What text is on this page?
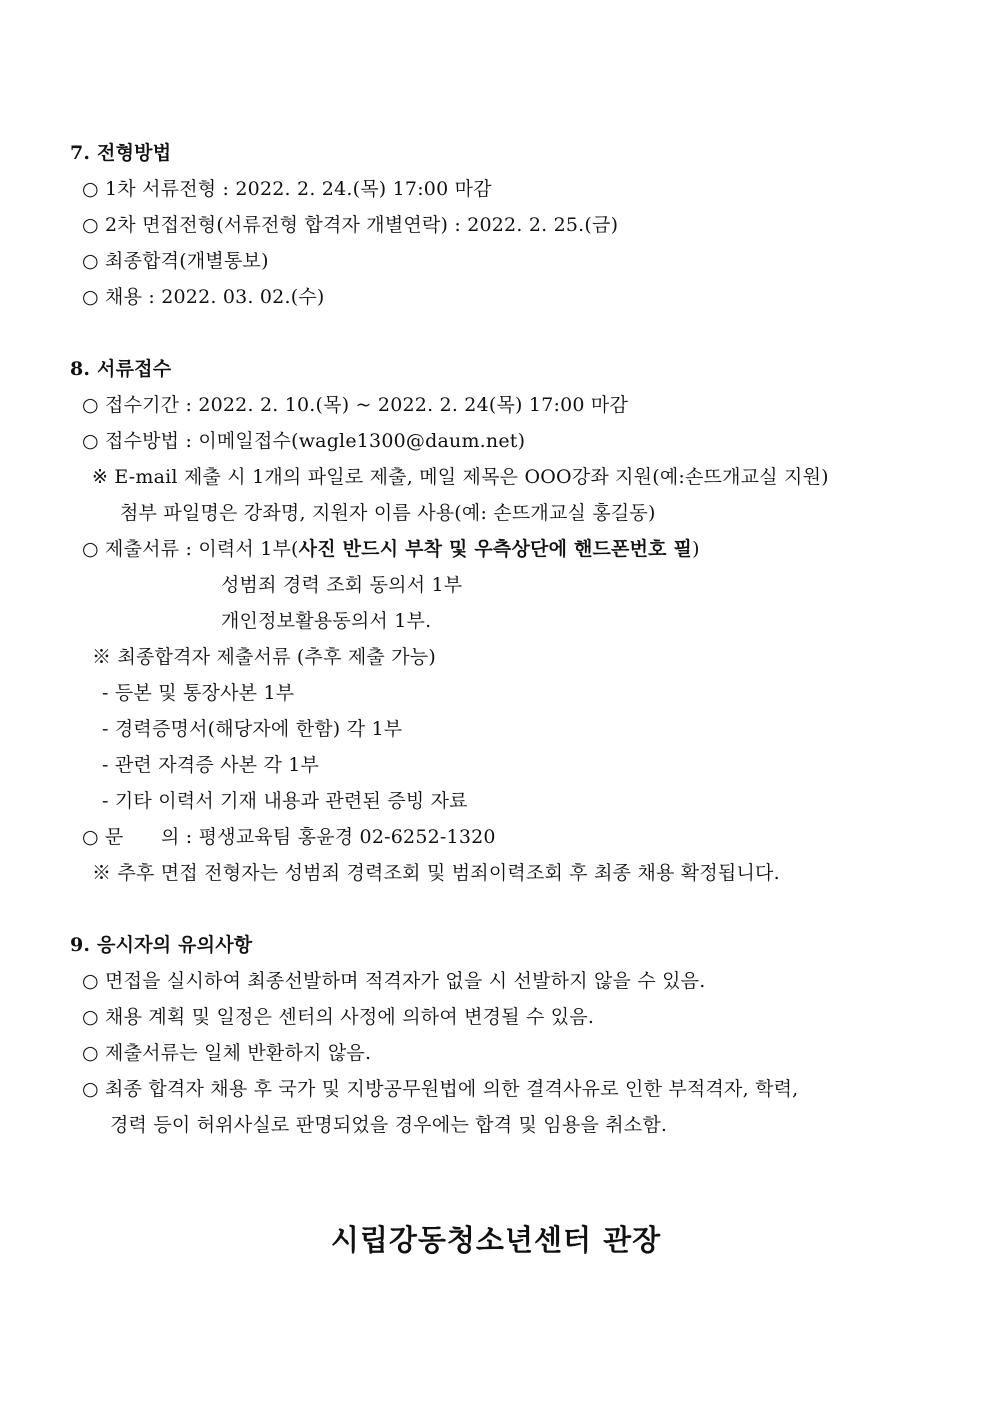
7. 전형방법
○ 1차 서류전형 : 2022. 2. 24.(목) 17:00 마감
○ 2차 면접전형(서류전형 합격자 개별연락) : 2022. 2. 25.(금)
○ 최종합격(개별통보)
○ 채용 : 2022. 03. 02.(수)
8. 서류접수
○ 접수기간 : 2022. 2. 10.(목) ~ 2022. 2. 24(목) 17:00 마감
○ 접수방법 : 이메일접수(wagle1300@daum.net)
※ E-mail 제출 시 1개의 파일로 제출, 메일 제목은 OOO강좌 지원(예:손뜨개교실 지원)
첨부 파일명은 강좌명, 지원자 이름 사용(예: 손뜨개교실 홍길동)
○ 제출서류 : 이력서 1부(사진 반드시 부착 및 우측상단에 핸드폰번호 필)
성범죄 경력 조회 동의서 1부
개인정보활용동의서 1부.
※ 최종합격자 제출서류 (추후 제출 가능)
- 등본 및 통장사본 1부
- 경력증명서(해당자에 한함) 각 1부
- 관련 자격증 사본 각 1부
- 기타 이력서 기재 내용과 관련된 증빙 자료
○ 문      의 : 평생교육팀 홍윤경 02-6252-1320
※ 추후 면접 전형자는 성범죄 경력조회 및 범죄이력조회 후 최종 채용 확정됩니다.
9. 응시자의 유의사항
○ 면접을 실시하여 최종선발하며 적격자가 없을 시 선발하지 않을 수 있음.
○ 채용 계획 및 일정은 센터의 사정에 의하여 변경될 수 있음.
○ 제출서류는 일체 반환하지 않음.
○ 최종 합격자 채용 후 국가 및 지방공무원법에 의한 결격사유로 인한 부적격자, 학력,
경력 등이 허위사실로 판명되었을 경우에는 합격 및 임용을 취소함.
시립강동청소년센터 관장
